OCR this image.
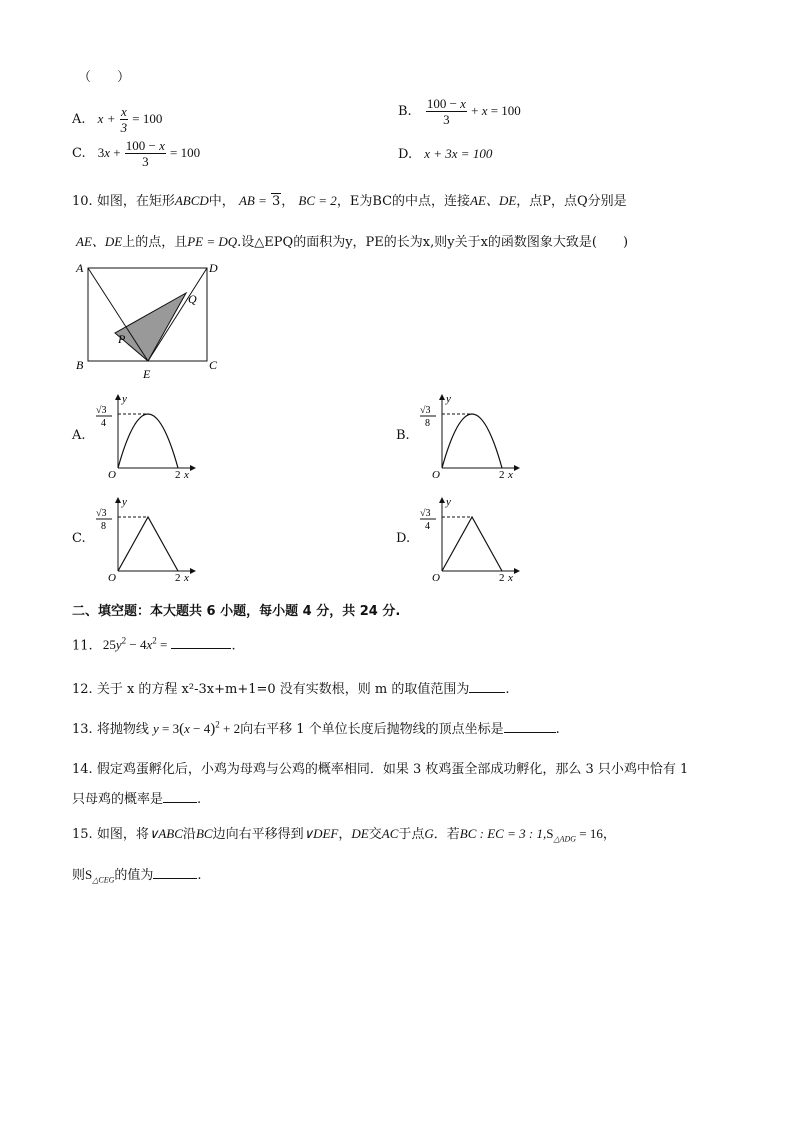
（　　）
A. $x + \frac{x}{3} = 100$	B. $\frac{100 - x}{3} + x = 100$
C. $3x + \frac{100 - x}{3} = 100$	D. x + 3x = 100
10. 如图，在矩形ABCD中， AB = 3， BC = 2，E为BC的中点，连接AE、DE，点P，点Q分别是
AE、DE上的点，且PE = DQ.设△EPQ的面积为y，PE的长为x,则y关于x的函数图象大致是(　　)
A	D
B	C
E
P
Q
A.
√3
4
y
O	2 x
B.
√3
8
y
O	2 x
C.
√3
8
y
O	2 x
D.
√3
4
y
O	2 x
二、填空题：本大题共 6 小题，每小题 4 分，共 24 分.
11. $25y^2 - 4x^2$ =	.
12. 关于 x 的方程 x²-3x+m+1=0 没有实数根，则 m 的取值范围为	.
13. 将抛物线 $y = 3(x - 4)^2 + 2$向右平移 1 个单位长度后抛物线的顶点坐标是	.
14. 假定鸡蛋孵化后，小鸡为母鸡与公鸡的概率相同．如果 3 枚鸡蛋全部成功孵化，那么 3 只小鸡中恰有 1
只母鸡的概率是	.
15. 如图，将∨ABC沿BC边向右平移得到∨DEF，DE交AC于点G．若BC : EC = 3 : $1,S_{\triangle ADG} = 16$，
则$S_{\triangle CEG}$的值为	.
